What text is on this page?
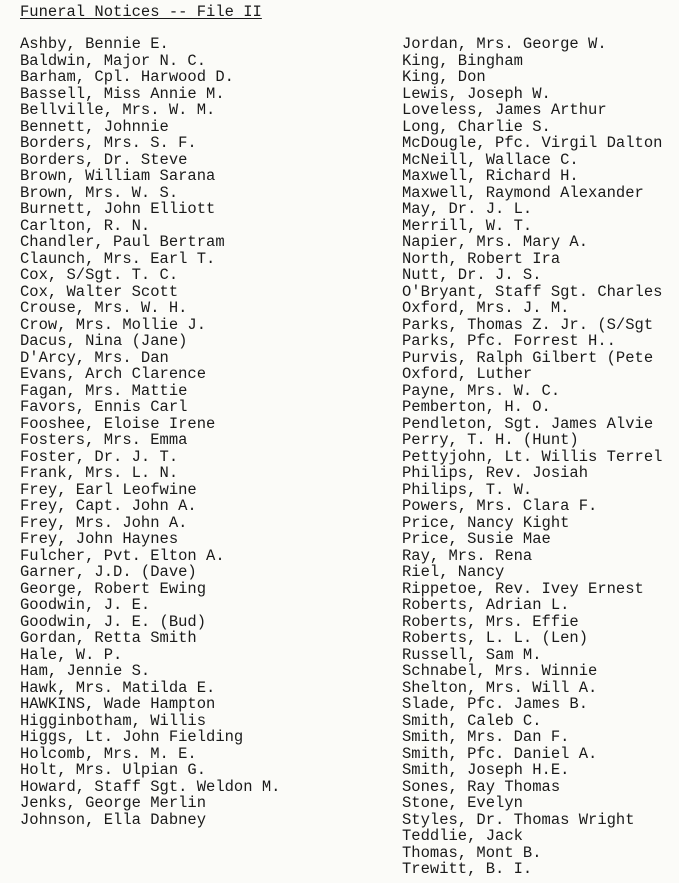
Funeral Notices -- File II
Ashby, Bennie E.
Baldwin, Major N. C.
Barham, Cpl. Harwood D.
Bassell, Miss Annie M.
Bellville, Mrs. W. M.
Bennett, Johnnie
Borders, Mrs. S. F.
Borders, Dr. Steve
Brown, William Sarana
Brown, Mrs. W. S.
Burnett, John Elliott
Carlton, R. N.
Chandler, Paul Bertram
Claunch, Mrs. Earl T.
Cox, S/Sgt. T. C.
Cox, Walter Scott
Crouse, Mrs. W. H.
Crow, Mrs. Mollie J.
Dacus, Nina (Jane)
D'Arcy, Mrs. Dan
Evans, Arch Clarence
Fagan, Mrs. Mattie
Favors, Ennis Carl
Fooshee, Eloise Irene
Fosters, Mrs. Emma
Foster, Dr. J. T.
Frank, Mrs. L. N.
Frey, Earl Leofwine
Frey, Capt. John A.
Frey, Mrs. John A.
Frey, John Haynes
Fulcher, Pvt. Elton A.
Garner, J.D. (Dave)
George, Robert Ewing
Goodwin, J. E.
Goodwin, J. E. (Bud)
Gordan, Retta Smith
Hale, W. P.
Ham, Jennie S.
Hawk, Mrs. Matilda E.
HAWKINS, Wade Hampton
Higginbotham, Willis
Higgs, Lt. John Fielding
Holcomb, Mrs. M. E.
Holt, Mrs. Ulpian G.
Howard, Staff Sgt. Weldon M.
Jenks, George Merlin
Johnson, Ella Dabney
Jordan, Mrs. George W.
King, Bingham
King, Don
Lewis, Joseph W.
Loveless, James Arthur
Long, Charlie S.
McDougle, Pfc. Virgil Dalton
McNeill, Wallace C.
Maxwell, Richard H.
Maxwell, Raymond Alexander
May, Dr. J. L.
Merrill, W. T.
Napier, Mrs. Mary A.
North, Robert Ira
Nutt, Dr. J. S.
O'Bryant, Staff Sgt. Charles
Oxford, Mrs. J. M.
Parks, Thomas Z. Jr. (S/Sgt
Parks, Pfc. Forrest H..
Purvis, Ralph Gilbert (Pete
Oxford, Luther
Payne, Mrs. W. C.
Pemberton, H. O.
Pendleton, Sgt. James Alvie
Perry, T. H. (Hunt)
Pettyjohn, Lt. Willis Terrel
Philips, Rev. Josiah
Philips, T. W.
Powers, Mrs. Clara F.
Price, Nancy Kight
Price, Susie Mae
Ray, Mrs. Rena
Riel, Nancy
Rippetoe, Rev. Ivey Ernest
Roberts, Adrian L.
Roberts, Mrs. Effie
Roberts, L. L. (Len)
Russell, Sam M.
Schnabel, Mrs. Winnie
Shelton, Mrs. Will A.
Slade, Pfc. James B.
Smith, Caleb C.
Smith, Mrs. Dan F.
Smith, Pfc. Daniel A.
Smith, Joseph H.E.
Sones, Ray Thomas
Stone, Evelyn
Styles, Dr. Thomas Wright
Teddlie, Jack
Thomas, Mont B.
Trewitt, B. I.
